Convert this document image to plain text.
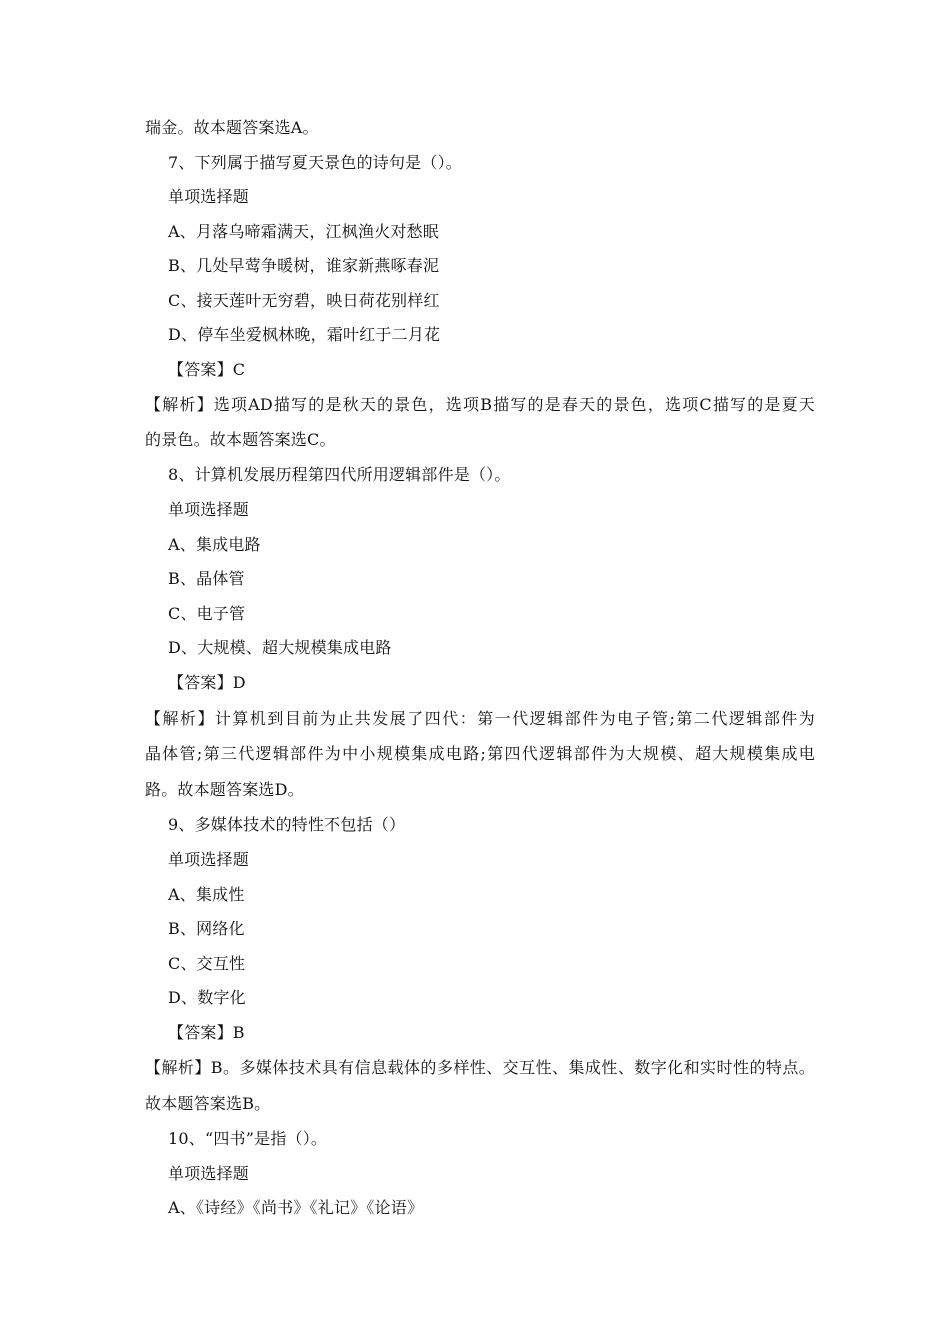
瑞金。故本题答案选A。
7、下列属于描写夏天景色的诗句是（）。
单项选择题
A、月落乌啼霜满天，江枫渔火对愁眠
B、几处早莺争暖树，谁家新燕啄春泥
C、接天莲叶无穷碧，映日荷花别样红
D、停车坐爱枫林晚，霜叶红于二月花
【答案】C
【解析】选项AD描写的是秋天的景色，选项B描写的是春天的景色，选项C描写的是夏天
的景色。故本题答案选C。
8、计算机发展历程第四代所用逻辑部件是（）。
单项选择题
A、集成电路
B、晶体管
C、电子管
D、大规模、超大规模集成电路
【答案】D
【解析】计算机到目前为止共发展了四代：第一代逻辑部件为电子管;第二代逻辑部件为
晶体管;第三代逻辑部件为中小规模集成电路;第四代逻辑部件为大规模、超大规模集成电
路。故本题答案选D。
9、多媒体技术的特性不包括（）
单项选择题
A、集成性
B、网络化
C、交互性
D、数字化
【答案】B
【解析】B。多媒体技术具有信息载体的多样性、交互性、集成性、数字化和实时性的特点。
故本题答案选B。
10、“四书”是指（）。
单项选择题
A、《诗经》《尚书》《礼记》《论语》
